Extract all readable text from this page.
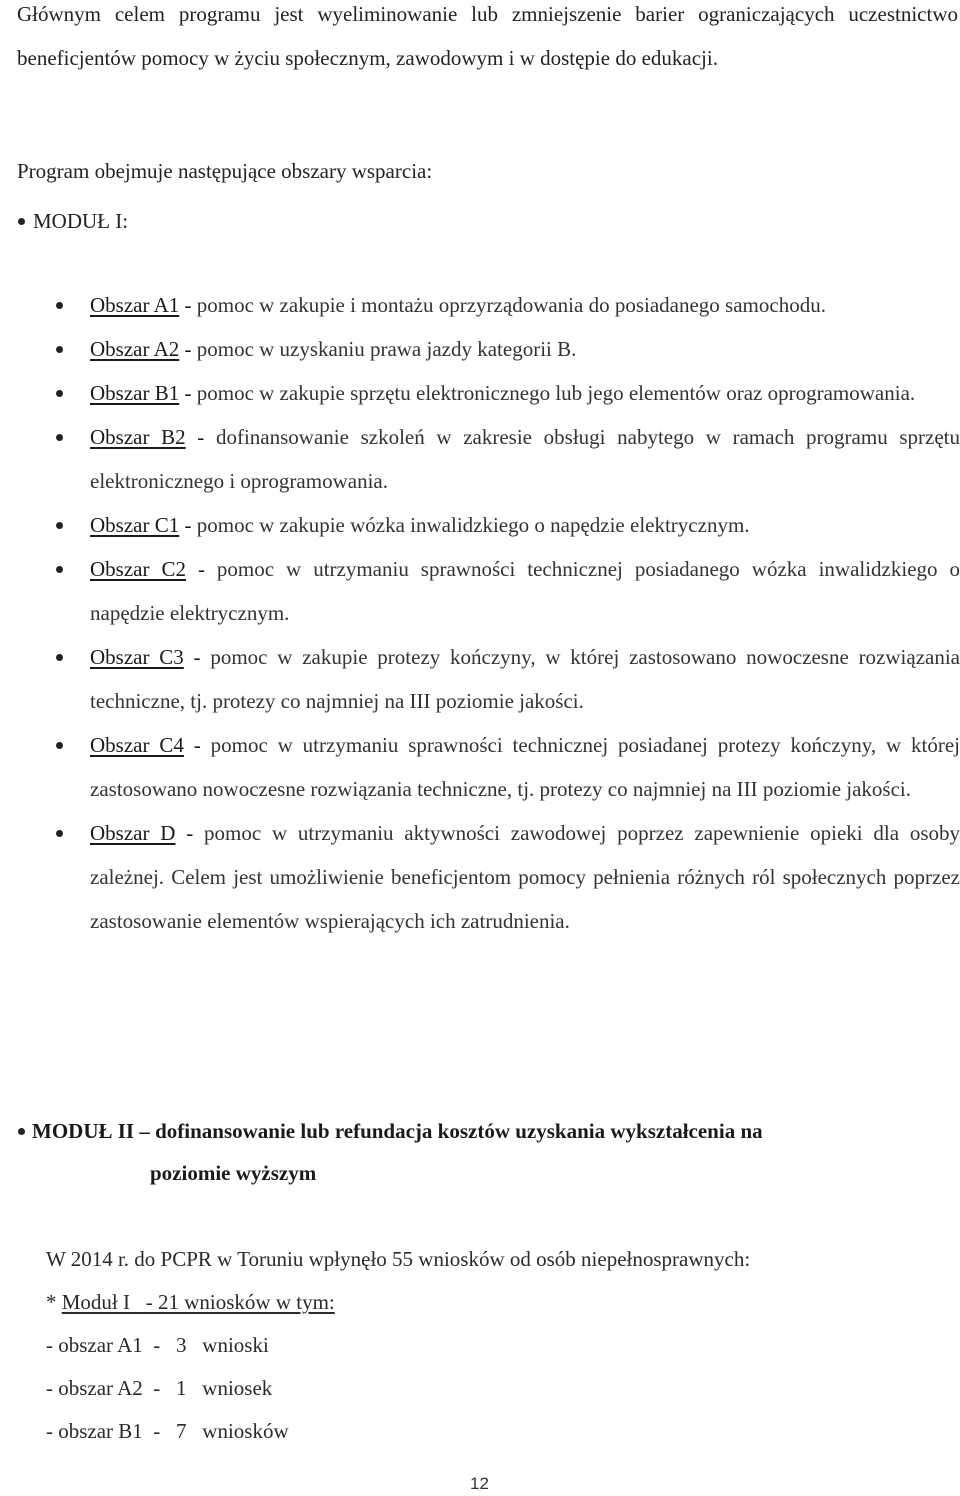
Głównym celem programu jest wyeliminowanie lub zmniejszenie barier ograniczających uczestnictwo beneficjentów pomocy w życiu społecznym, zawodowym i w dostępie do edukacji.

Program obejmuje następujące obszary wsparcia:

MODUŁ I:
Obszar A1 - pomoc w zakupie i montażu oprzyrządowania do posiadanego samochodu.
Obszar A2 - pomoc w uzyskaniu prawa jazdy kategorii B.
Obszar B1 - pomoc w zakupie sprzętu elektronicznego lub jego elementów oraz oprogramowania.
Obszar B2 - dofinansowanie szkoleń w zakresie obsługi nabytego w ramach programu sprzętu elektronicznego i oprogramowania.
Obszar C1 - pomoc w zakupie wózka inwalidzkiego o napędzie elektrycznym.
Obszar C2 - pomoc w utrzymaniu sprawności technicznej posiadanego wózka inwalidzkiego o napędzie elektrycznym.
Obszar C3 - pomoc w zakupie protezy kończyny, w której zastosowano nowoczesne rozwiązania techniczne, tj. protezy co najmniej na III poziomie jakości.
Obszar C4 - pomoc w utrzymaniu sprawności technicznej posiadanej protezy kończyny, w której zastosowano nowoczesne rozwiązania techniczne, tj. protezy co najmniej na III poziomie jakości.
Obszar D - pomoc w utrzymaniu aktywności zawodowej poprzez zapewnienie opieki dla osoby zależnej. Celem jest umożliwienie beneficjentom pomocy pełnienia różnych ról społecznych poprzez zastosowanie elementów wspierających ich zatrudnienia.
MODUŁ II – dofinansowanie lub refundacja kosztów uzyskania wykształcenia na
poziomie wyższym
W 2014 r. do PCPR w Toruniu wpłynęło 55 wniosków od osób niepełnosprawnych:
* Moduł I   - 21 wniosków w tym:
- obszar A1  -   3   wnioski
- obszar A2  -   1   wniosek
- obszar B1  -   7   wniosków
12
